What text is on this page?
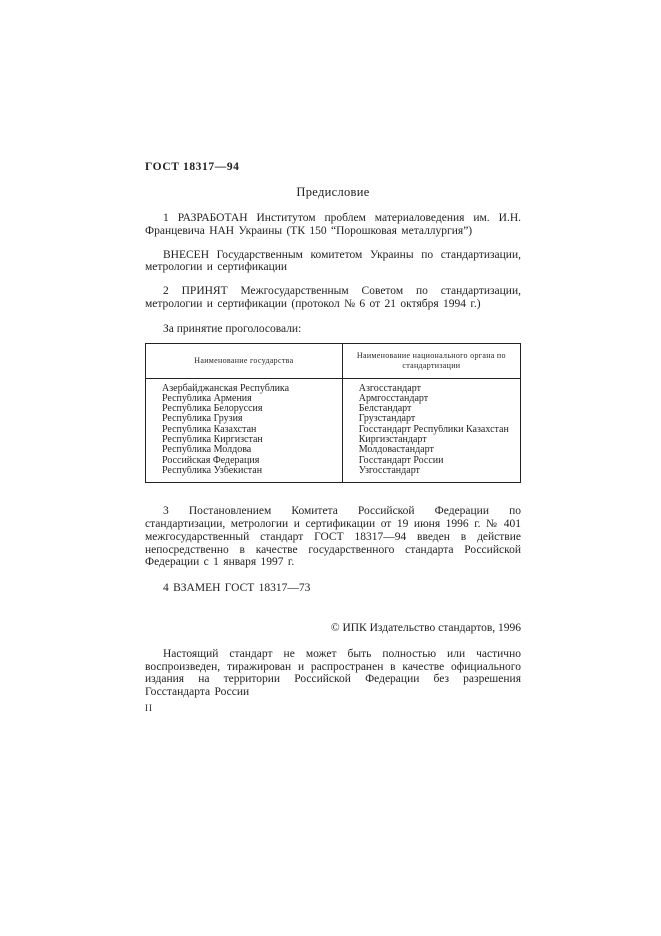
ГОСТ 18317—94
Предисловие

1 РАЗРАБОТАН Институтом проблем материаловедения им. И.Н. Францевича НАН Украины (ТК 150 “Порошковая металлургия”)

ВНЕСЕН Государственным комитетом Украины по стандартизации, метрологии и сертификации

2 ПРИНЯТ Межгосударственным Советом по стандартизации, метрологии и сертификации (протокол № 6 от 21 октября 1994 г.)

За принятие проголосовали:

Наименование государства	Наименование национального органа по стандартизации
Азербайджанская Республика	Азгосстандарт
Республика Армения	Армгосстандарт
Республика Белоруссия	Белстандарт
Республика Грузия	Грузстандарт
Республика Казахстан	Госстандарт Республики Казахстан
Республика Киргизстан	Киргизстандарт
Республика Молдова	Молдовастандарт
Российская Федерация	Госстандарт России
Республика Узбекистан	Узгосстандарт

3 Постановлением Комитета Российской Федерации по стандартизации, метрологии и сертификации от 19 июня 1996 г. № 401 межгосударственный стандарт ГОСТ 18317—94 введен в действие непосредственно в качестве государственного стандарта Российской Федерации с 1 января 1997 г.

4 ВЗАМЕН ГОСТ 18317—73

© ИПК Издательство стандартов, 1996

Настоящий стандарт не может быть полностью или частично воспроизведен, тиражирован и распространен в качестве официального издания на территории Российской Федерации без разрешения Госстандарта России

II
